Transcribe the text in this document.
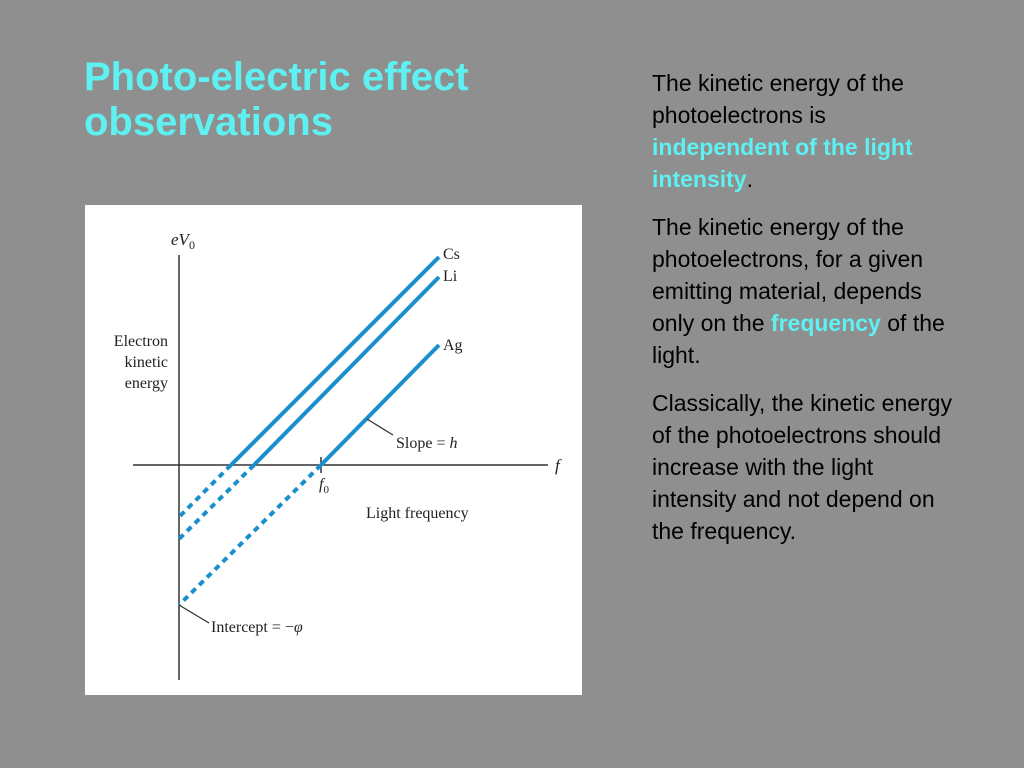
Photo-electric effect
observations
Cs
Li
Ag
$eV_0$
f
$f_0$
Light frequency
Slope = h
Intercept = −φ
Electron
kinetic
energy

The kinetic energy of the photoelectrons is independent of the light intensity.

The kinetic energy of the photoelectrons, for a given emitting material, depends only on the frequency of the light.

Classically, the kinetic energy of the photoelectrons should increase with the light intensity and not depend on the frequency.
